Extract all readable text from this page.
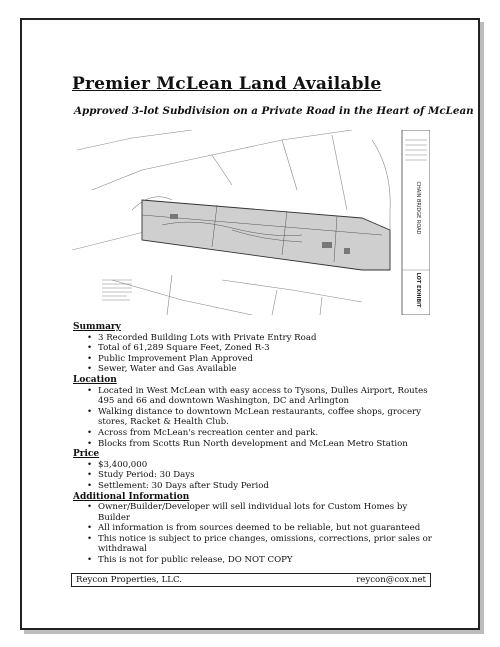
Premier McLean Land Available
Approved 3-lot Subdivision on a Private Road in the Heart of McLean
CHAIN BRIDGE ROAD
LOT EXHIBIT
Summary
• 3 Recorded Building Lots with Private Entry Road
• Total of 61,289 Square Feet, Zoned R-3
• Public Improvement Plan Approved
• Sewer, Water and Gas Available
Location
• Located in West McLean with easy access to Tysons, Dulles Airport, Routes 495 and 66 and downtown Washington, DC and Arlington
• Walking distance to downtown McLean restaurants, coffee shops, grocery stores, Racket & Health Club.
• Across from McLean's recreation center and park.
• Blocks from Scotts Run North development and McLean Metro Station
Price
• $3,400,000
• Study Period: 30 Days
• Settlement: 30 Days after Study Period
Additional Information
• Owner/Builder/Developer will sell individual lots for Custom Homes by Builder
• All information is from sources deemed to be reliable, but not guaranteed
• This notice is subject to price changes, omissions, corrections, prior sales or withdrawal
• This is not for public release, DO NOT COPY
Reycon Properties, LLC.	reycon@cox.net
